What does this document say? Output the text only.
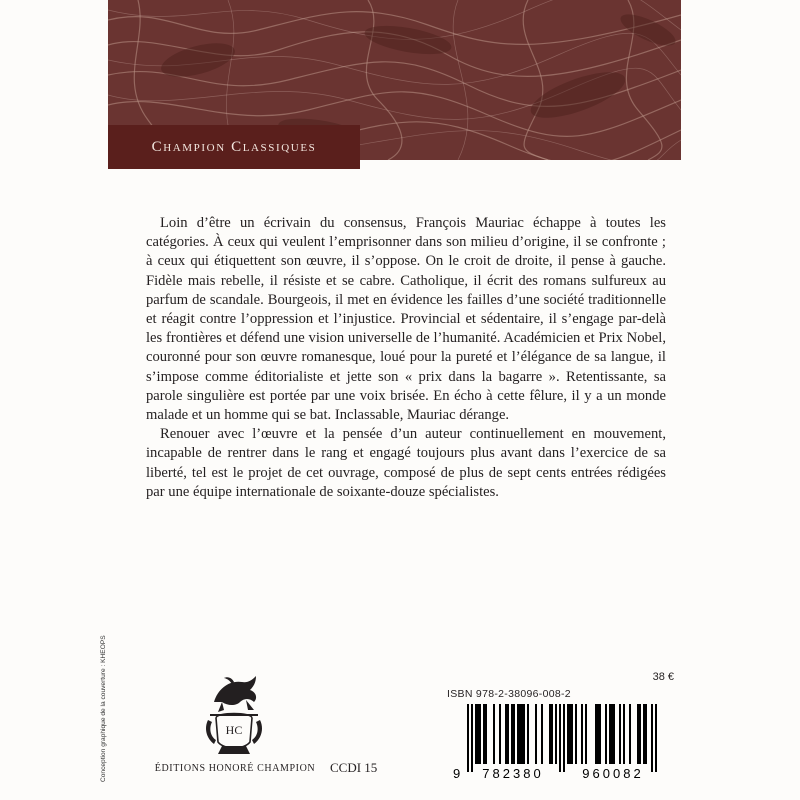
Champion Classiques

Loin d’être un écrivain du consensus, François Mauriac échappe à toutes les catégories. À ceux qui veulent l’emprisonner dans son milieu d’origine, il se confronte ; à ceux qui étiquettent son œuvre, il s’oppose. On le croit de droite, il pense à gauche. Fidèle mais rebelle, il résiste et se cabre. Catholique, il écrit des romans sulfureux au parfum de scandale. Bourgeois, il met en évidence les failles d’une société traditionnelle et réagit contre l’oppression et l’injustice. Provincial et sédentaire, il s’engage par-delà les frontières et défend une vision universelle de l’humanité. Académicien et Prix Nobel, couronné pour son œuvre romanesque, loué pour la pureté et l’élégance de sa langue, il s’impose comme éditorialiste et jette son « prix dans la bagarre ». Retentissante, sa parole singulière est portée par une voix brisée. En écho à cette fêlure, il y a un monde malade et un homme qui se bat. Inclassable, Mauriac dérange.

Renouer avec l’œuvre et la pensée d’un auteur continuellement en mouvement, incapable de rentrer dans le rang et engagé toujours plus avant dans l’exercice de sa liberté, tel est le projet de cet ouvrage, composé de plus de sept cents entrées rédigées par une équipe internationale de soixante-douze spécialistes.

Conception graphique de la couverture : KHEOPS	HC
ÉDITIONS HONORÉ CHAMPION	CCDI 15
38 €
ISBN 978-2-38096-008-2
9 782380	960082
